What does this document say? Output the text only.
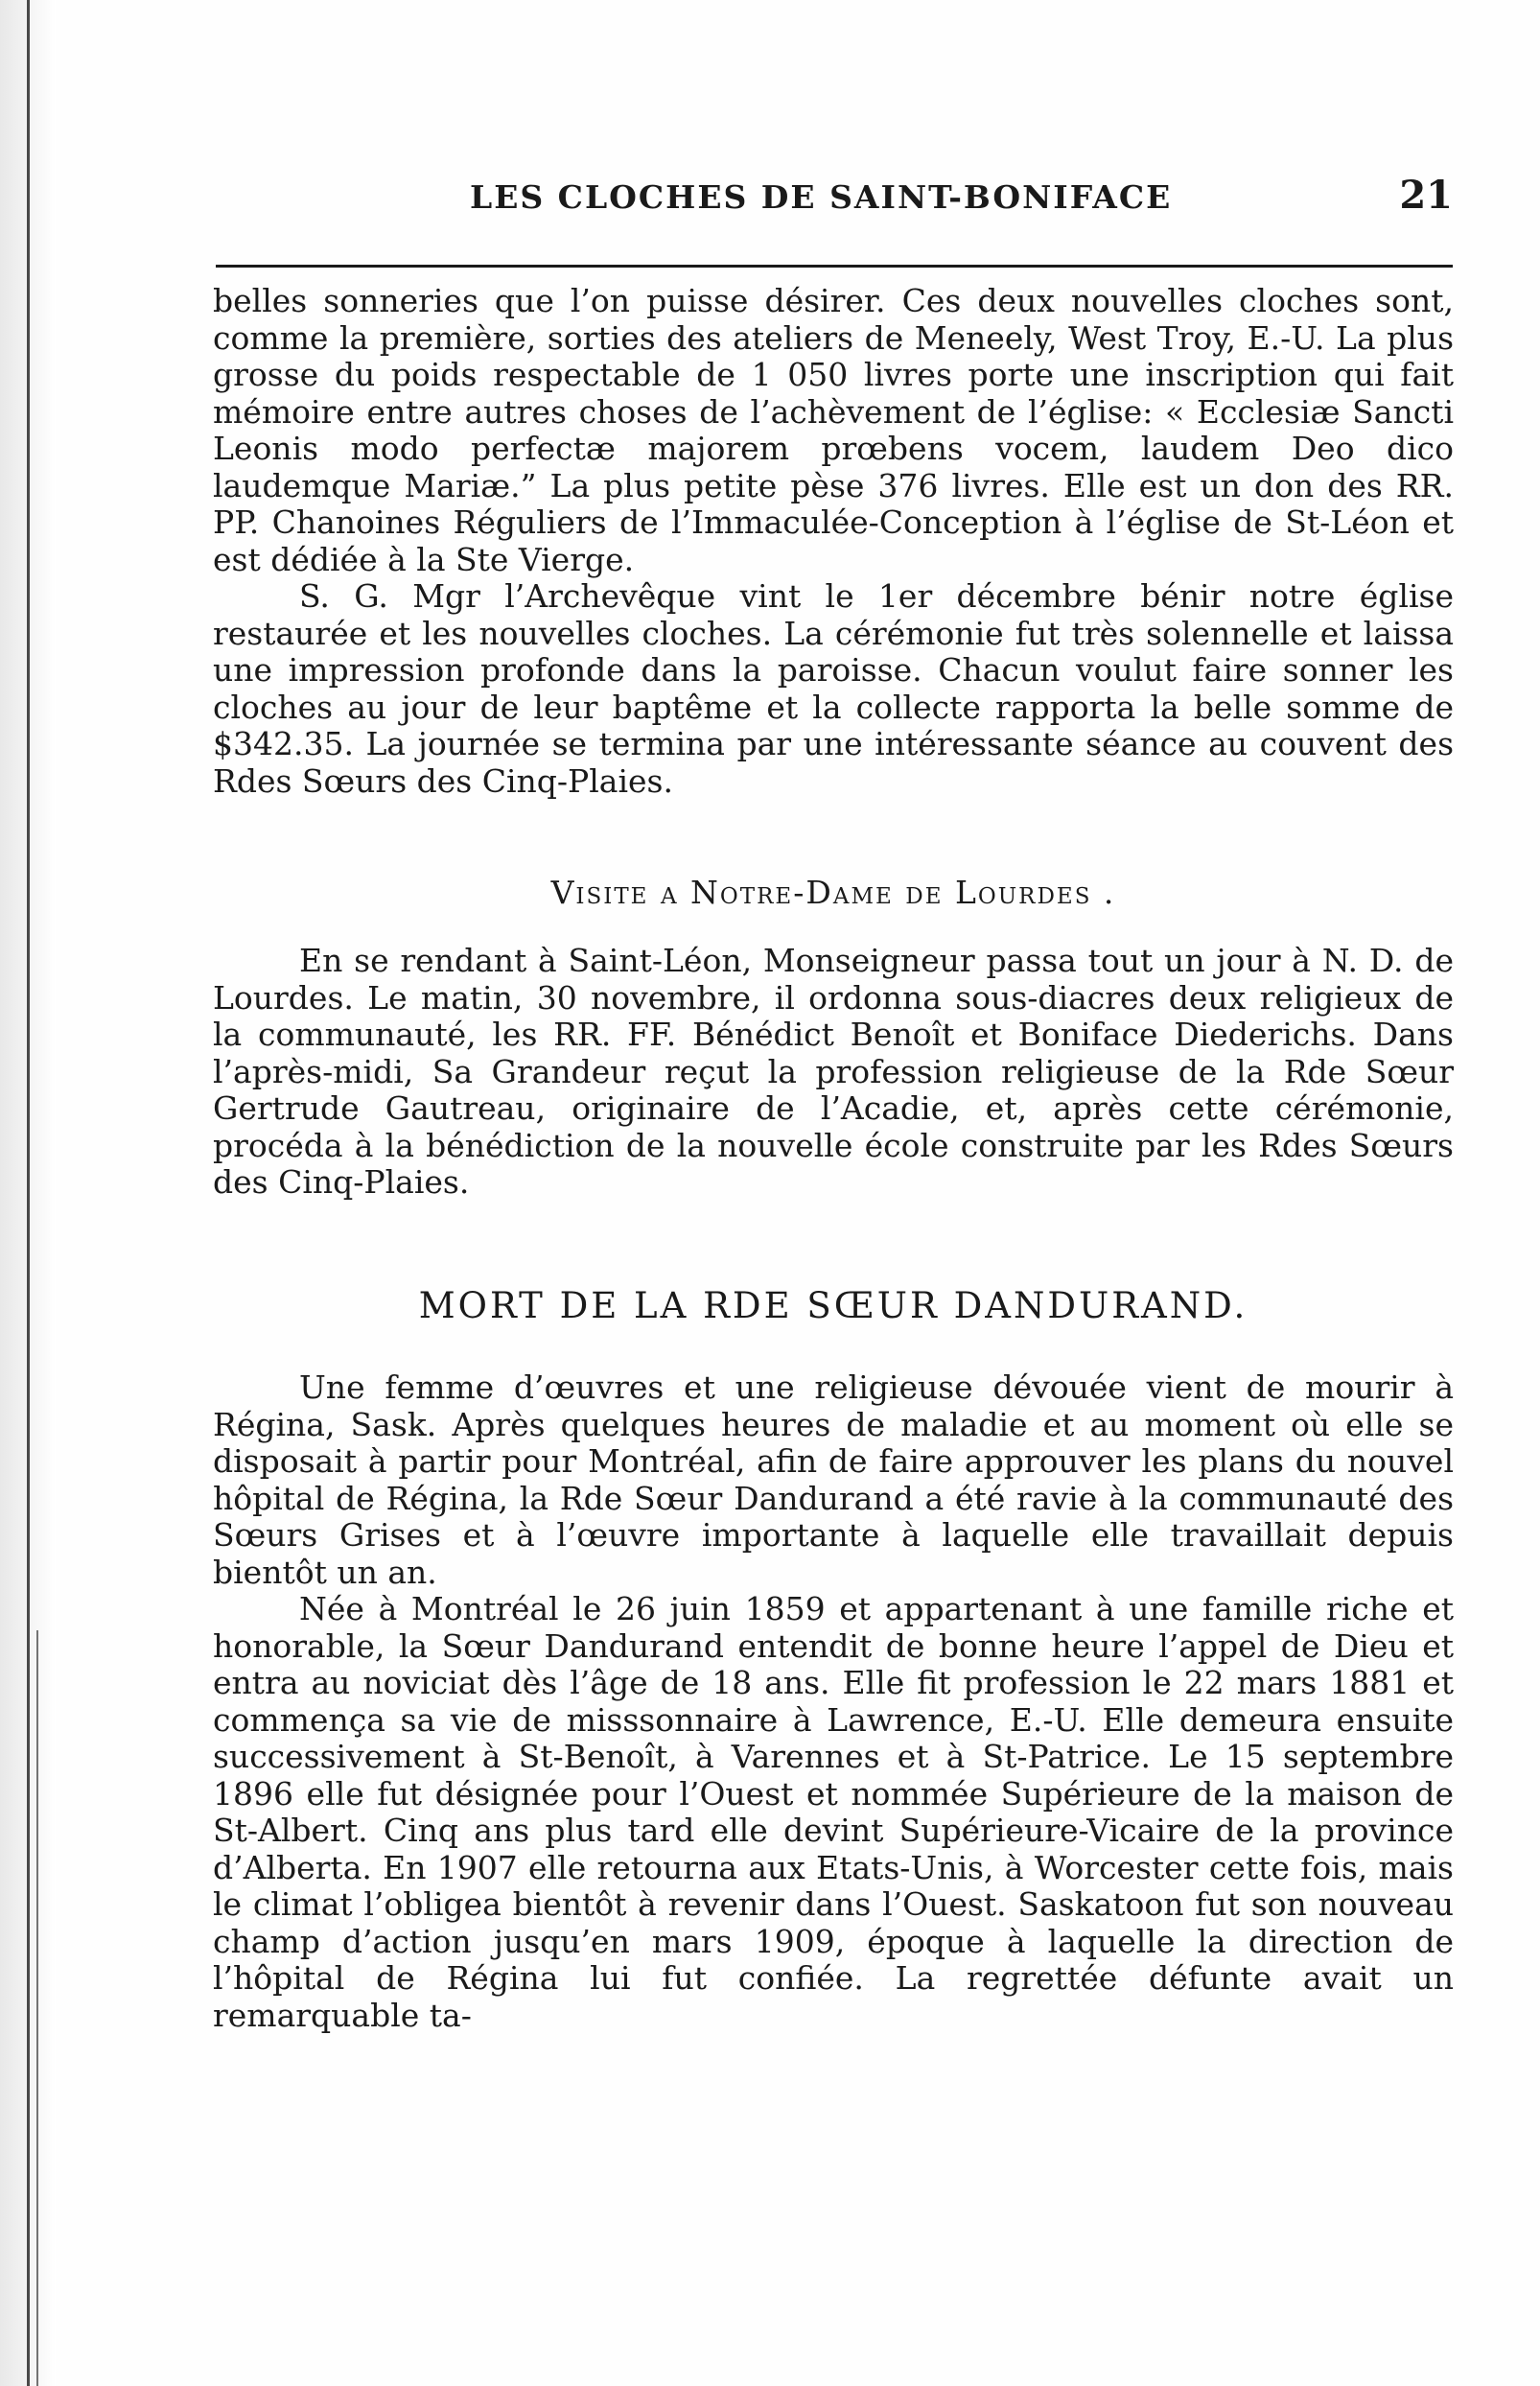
LES CLOCHES DE SAINT-BONIFACE	21

belles sonneries que l’on puisse désirer. Ces deux nouvelles cloches sont, comme la première, sorties des ateliers de Meneely, West Troy, E.-U. La plus grosse du poids respectable de 1 050 livres porte une inscription qui fait mémoire entre autres choses de l’achèvement de l’église: « Ecclesiæ Sancti Leonis modo perfectæ majorem prœbens vocem, laudem Deo dico laudemque Mariæ.” La plus petite pèse 376 livres. Elle est un don des RR. PP. Chanoines Réguliers de l’Immaculée-Conception à l’église de St-Léon et est dédiée à la Ste Vierge.

S. G. Mgr l’Archevêque vint le 1er décembre bénir notre église restaurée et les nouvelles cloches. La cérémonie fut très solennelle et laissa une impression profonde dans la paroisse. Chacun voulut faire sonner les cloches au jour de leur baptême et la collecte rapporta la belle somme de $342.35. La journée se termina par une intéressante séance au couvent des Rdes Sœurs des Cinq-Plaies.

Visite a Notre-Dame de Lourdes .

En se rendant à Saint-Léon, Monseigneur passa tout un jour à N. D. de Lourdes. Le matin, 30 novembre, il ordonna sous-diacres deux religieux de la communauté, les RR. FF. Bénédict Benoît et Boniface Diederichs. Dans l’après-midi, Sa Grandeur reçut la profession religieuse de la Rde Sœur Gertrude Gautreau, originaire de l’Acadie, et, après cette cérémonie, procéda à la bénédiction de la nouvelle école construite par les Rdes Sœurs des Cinq-Plaies.

MORT DE LA RDE SŒUR DANDURAND.

Une femme d’œuvres et une religieuse dévouée vient de mourir à Régina, Sask. Après quelques heures de maladie et au moment où elle se disposait à partir pour Montréal, afin de faire approuver les plans du nouvel hôpital de Régina, la Rde Sœur Dandurand a été ravie à la communauté des Sœurs Grises et à l’œuvre importante à laquelle elle travaillait depuis bientôt un an.

Née à Montréal le 26 juin 1859 et appartenant à une famille riche et honorable, la Sœur Dandurand entendit de bonne heure l’appel de Dieu et entra au noviciat dès l’âge de 18 ans. Elle fit profession le 22 mars 1881 et commença sa vie de misssonnaire à Lawrence, E.-U. Elle demeura ensuite successivement à St-Benoît, à Varennes et à St-Patrice. Le 15 septembre 1896 elle fut désignée pour l’Ouest et nommée Supérieure de la maison de St-Albert. Cinq ans plus tard elle devint Supérieure-Vicaire de la province d’Alberta. En 1907 elle retourna aux Etats-Unis, à Worcester cette fois, mais le climat l’obligea bientôt à revenir dans l’Ouest. Saskatoon fut son nouveau champ d’action jusqu’en mars 1909, époque à laquelle la direction de l’hôpital de Régina lui fut confiée. La regrettée défunte avait un remarquable ta-
